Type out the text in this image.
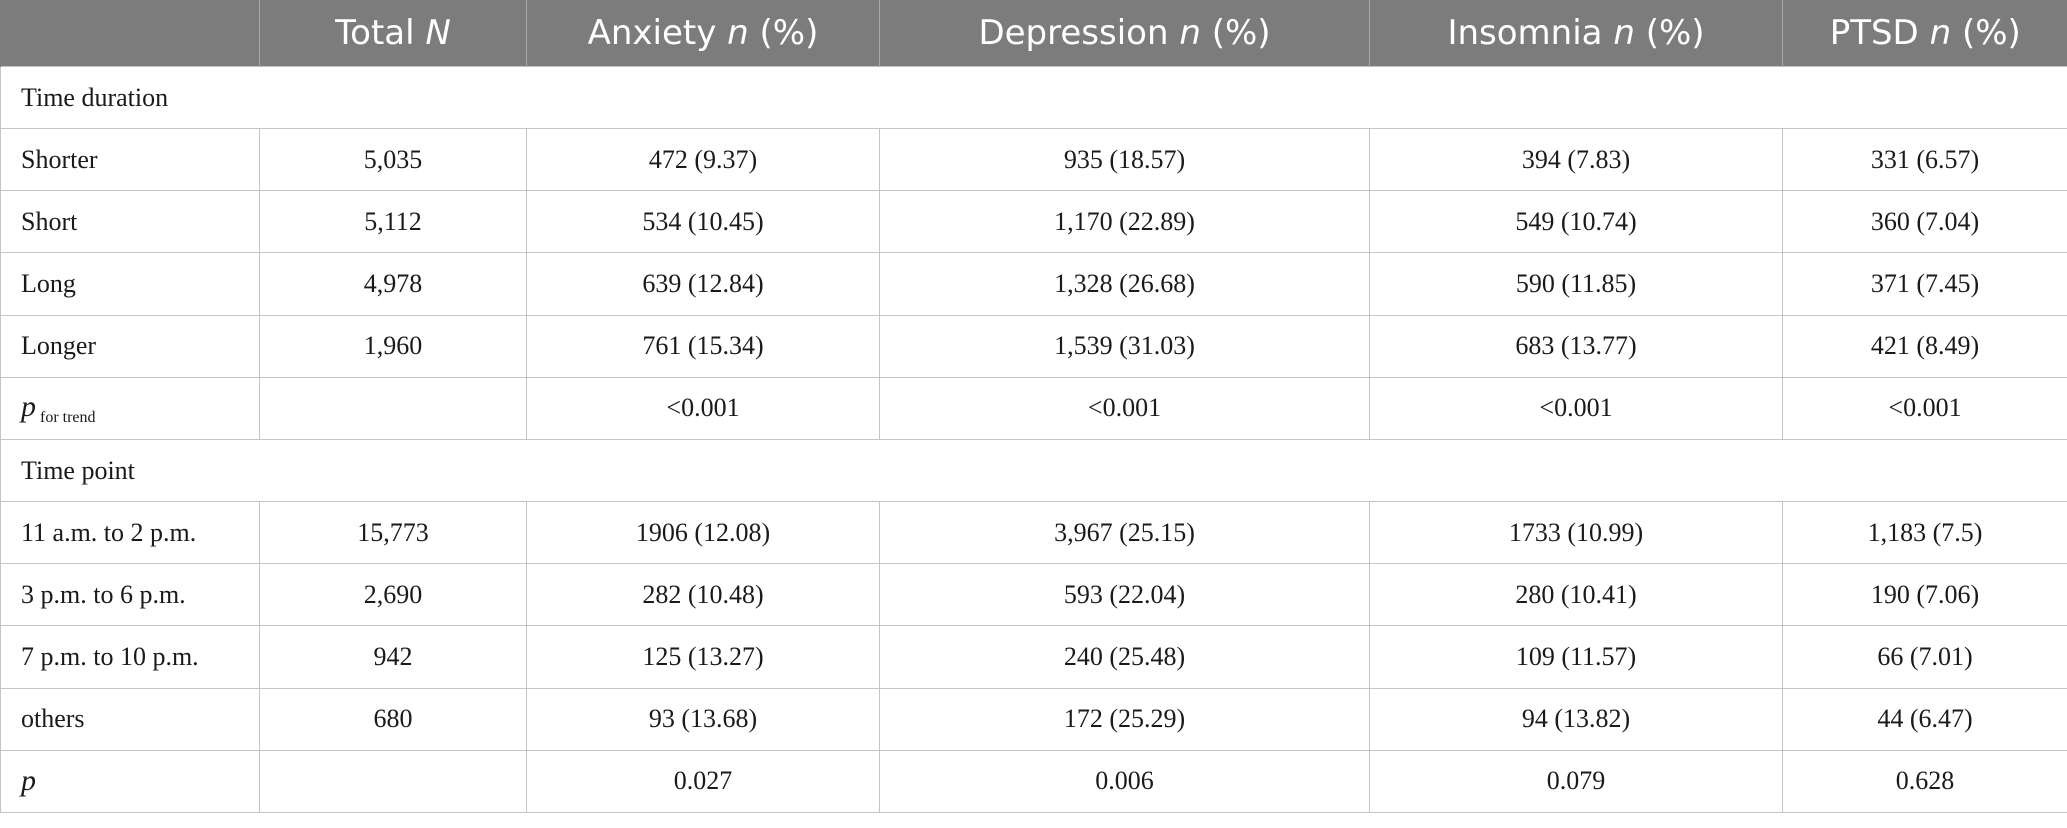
	Total N	Anxiety n (%)	Depression n (%)	Insomnia n (%)	PTSD n (%)
Time duration					
Shorter	5,035	472 (9.37)	935 (18.57)	394 (7.83)	331 (6.57)
Short	5,112	534 (10.45)	1,170 (22.89)	549 (10.74)	360 (7.04)
Long	4,978	639 (12.84)	1,328 (26.68)	590 (11.85)	371 (7.45)
Longer	1,960	761 (15.34)	1,539 (31.03)	683 (13.77)	421 (8.49)
p $_{for trend}$		<0.001	<0.001	<0.001	<0.001
Time point					
11 a.m. to 2 p.m.	15,773	1906 (12.08)	3,967 (25.15)	1733 (10.99)	1,183 (7.5)
3 p.m. to 6 p.m.	2,690	282 (10.48)	593 (22.04)	280 (10.41)	190 (7.06)
7 p.m. to 10 p.m.	942	125 (13.27)	240 (25.48)	109 (11.57)	66 (7.01)
others	680	93 (13.68)	172 (25.29)	94 (13.82)	44 (6.47)
p		0.027	0.006	0.079	0.628
